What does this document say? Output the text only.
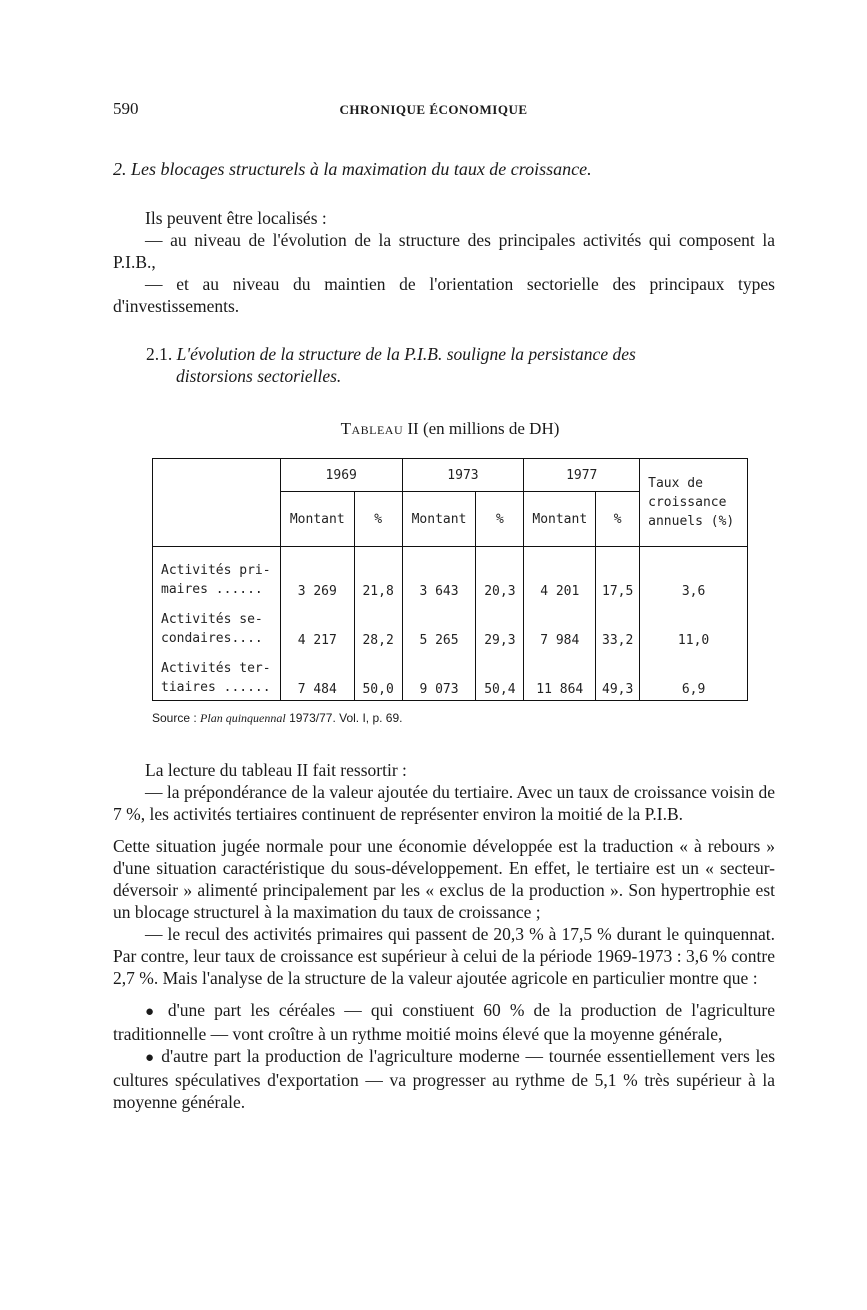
590	CHRONIQUE ÉCONOMIQUE
2. Les blocages structurels à la maximation du taux de croissance.

Ils peuvent être localisés :

— au niveau de l'évolution de la structure des principales activités qui composent la P.I.B.,

— et au niveau du maintien de l'orientation sectorielle des principaux types d'investissements.

2.1. L'évolution de la structure de la P.I.B. souligne la persistance des
distorsions sectorielles.
Tableau II (en millions de DH)
	1969		1973		1977		Taux de
croissance
annuels (%)
	Montant	%	Montant	%	Montant	%	
Activités pri-
maires ......	3 269	21,8	3 643	20,3	4 201	17,5	3,6
Activités se-
condaires....	4 217	28,2	5 265	29,3	7 984	33,2	11,0
Activités ter-
tiaires ......	7 484	50,0	9 073	50,4	11 864	49,3	6,9
Source : Plan quinquennal 1973/77. Vol. I, p. 69.

La lecture du tableau II fait ressortir :

— la prépondérance de la valeur ajoutée du tertiaire. Avec un taux de croissance voisin de 7 %, les activités tertiaires continuent de représenter environ la moitié de la P.I.B.

Cette situation jugée normale pour une économie développée est la traduction « à rebours » d'une situation caractéristique du sous-développement. En effet, le tertiaire est un « secteur-déversoir » alimenté principalement par les « exclus de la production ». Son hypertrophie est un blocage structurel à la maximation du taux de croissance ;

— le recul des activités primaires qui passent de 20,3 % à 17,5 % durant le quinquennat. Par contre, leur taux de croissance est supérieur à celui de la période 1969-1973 : 3,6 % contre 2,7 %. Mais l'analyse de la structure de la valeur ajoutée agricole en particulier montre que :

● d'une part les céréales — qui constiuent 60 % de la production de l'agriculture traditionnelle — vont croître à un rythme moitié moins élevé que la moyenne générale,

● d'autre part la production de l'agriculture moderne — tournée essentiellement vers les cultures spéculatives d'exportation — va progresser au rythme de 5,1 % très supérieur à la moyenne générale.
